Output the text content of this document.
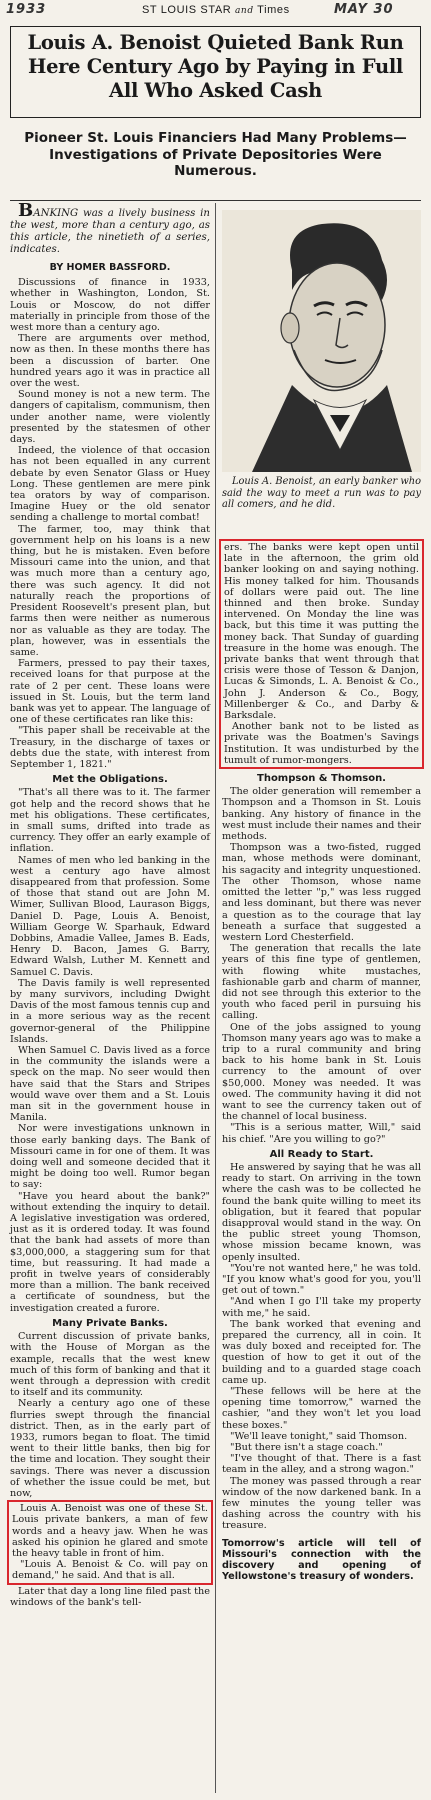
1933	ST LOUIS STAR and Times	MAY 30
Louis A. Benoist Quieted Bank Run Here Century Ago by Paying in Full All Who Asked Cash
Pioneer St. Louis Financiers Had Many Problems—Investigations of Private Depositories Were Numerous.

BANKING was a lively business in the west, more than a century ago, as this article, the ninetieth of a series, indicates.

BY HOMER BASSFORD.

Discussions of finance in 1933, whether in Washington, London, St. Louis or Moscow, do not differ materially in principle from those of the west more than a century ago.

There are arguments over method, now as then. In these months there has been a discussion of barter. One hundred years ago it was in practice all over the west.

Sound money is not a new term. The dangers of capitalism, communism, then under another name, were violently presented by the statesmen of other days.

Indeed, the violence of that occasion has not been equalled in any current debate by even Senator Glass or Huey Long. These gentlemen are mere pink tea orators by way of comparison. Imagine Huey or the old senator sending a challenge to mortal combat!

The farmer, too, may think that government help on his loans is a new thing, but he is mistaken. Even before Missouri came into the union, and that was much more than a century ago, there was such agency. It did not naturally reach the proportions of President Roosevelt's present plan, but farms then were neither as numerous nor as valuable as they are today. The plan, however, was in essentials the same.

Farmers, pressed to pay their taxes, received loans for that purpose at the rate of 2 per cent. These loans were issued in St. Louis, but the term land bank was yet to appear. The language of one of these certificates ran like this:

"This paper shall be receivable at the Treasury, in the discharge of taxes or debts due the state, with interest from September 1, 1821."

Met the Obligations.

"That's all there was to it. The farmer got help and the record shows that he met his obligations. These certificates, in small sums, drifted into trade as currency. They offer an early example of inflation.

Names of men who led banking in the west a century ago have almost disappeared from that profession. Some of those that stand out are John M. Wimer, Sullivan Blood, Laurason Biggs, Daniel D. Page, Louis A. Benoist, William George W. Sparhauk, Edward Dobbins, Amadie Vallee, James B. Eads, Henry D. Bacon, James G. Barry, Edward Walsh, Luther M. Kennett and Samuel C. Davis.

The Davis family is well represented by many survivors, including Dwight Davis of the most famous tennis cup and in a more serious way as the recent governor-general of the Philippine Islands.

When Samuel C. Davis lived as a force in the community the islands were a speck on the map. No seer would then have said that the Stars and Stripes would wave over them and a St. Louis man sit in the government house in Manila.

Nor were investigations unknown in those early banking days. The Bank of Missouri came in for one of them. It was doing well and someone decided that it might be doing too well. Rumor began to say:

"Have you heard about the bank?" without extending the inquiry to detail. A legislative investigation was ordered, just as it is ordered today. It was found that the bank had assets of more than $3,000,000, a staggering sum for that time, but reassuring. It had made a profit in twelve years of considerably more than a million. The bank received a certificate of soundness, but the investigation created a furore.

Many Private Banks.

Current discussion of private banks, with the House of Morgan as the example, recalls that the west knew much of this form of banking and that it went through a depression with credit to itself and its community.

Nearly a century ago one of these flurries swept through the financial district. Then, as in the early part of 1933, rumors began to float. The timid went to their little banks, then big for the time and location. They sought their savings. There was never a discussion of whether the issue could be met, but now,

Louis A. Benoist was one of these St. Louis private bankers, a man of few words and a heavy jaw. When he was asked his opinion he glared and smote the heavy table in front of him.

"Louis A. Benoist & Co. will pay on demand," he said. And that is all.

Later that day a long line filed past the windows of the bank's tell-

Louis A. Benoist, an early banker who said the way to meet a run was to pay all comers, and he did.

ers. The banks were kept open until late in the afternoon, the grim old banker looking on and saying nothing. His money talked for him. Thousands of dollars were paid out. The line thinned and then broke. Sunday intervened. On Monday the line was back, but this time it was putting the money back. That Sunday of guarding treasure in the home was enough. The private banks that went through that crisis were those of Tesson & Danjon, Lucas & Simonds, L. A. Benoist & Co., John J. Anderson & Co., Bogy, Millenberger & Co., and Darby & Barksdale.

Another bank not to be listed as private was the Boatmen's Savings Institution. It was undisturbed by the tumult of rumor-mongers.

Thompson & Thomson.

The older generation will remember a Thompson and a Thomson in St. Louis banking. Any history of finance in the west must include their names and their methods.

Thompson was a two-fisted, rugged man, whose methods were dominant, his sagacity and integrity unquestioned. The other Thomson, whose name omitted the letter "p," was less rugged and less dominant, but there was never a question as to the courage that lay beneath a surface that suggested a western Lord Chesterfield.

The generation that recalls the late years of this fine type of gentlemen, with flowing white mustaches, fashionable garb and charm of manner, did not see through this exterior to the youth who faced peril in pursuing his calling.

One of the jobs assigned to young Thomson many years ago was to make a trip to a rural community and bring back to his home bank in St. Louis currency to the amount of over $50,000. Money was needed. It was owed. The community having it did not want to see the currency taken out of the channel of local business.

"This is a serious matter, Will," said his chief. "Are you willing to go?"

All Ready to Start.

He answered by saying that he was all ready to start. On arriving in the town where the cash was to be collected he found the bank quite willing to meet its obligation, but it feared that popular disapproval would stand in the way. On the public street young Thomson, whose mission became known, was openly insulted.

"You're not wanted here," he was told. "If you know what's good for you, you'll get out of town."

"And when I go I'll take my property with me," he said.

The bank worked that evening and prepared the currency, all in coin. It was duly boxed and receipted for. The question of how to get it out of the building and to a guarded stage coach came up.

"These fellows will be here at the opening time tomorrow," warned the cashier, "and they won't let you load these boxes."

"We'll leave tonight," said Thomson.

"But there isn't a stage coach."

"I've thought of that. There is a fast team in the alley, and a strong wagon."

The money was passed through a rear window of the now darkened bank. In a few minutes the young teller was dashing across the country with his treasure.

Tomorrow's article will tell of Missouri's connection with the discovery and opening of Yellowstone's treasury of wonders.
